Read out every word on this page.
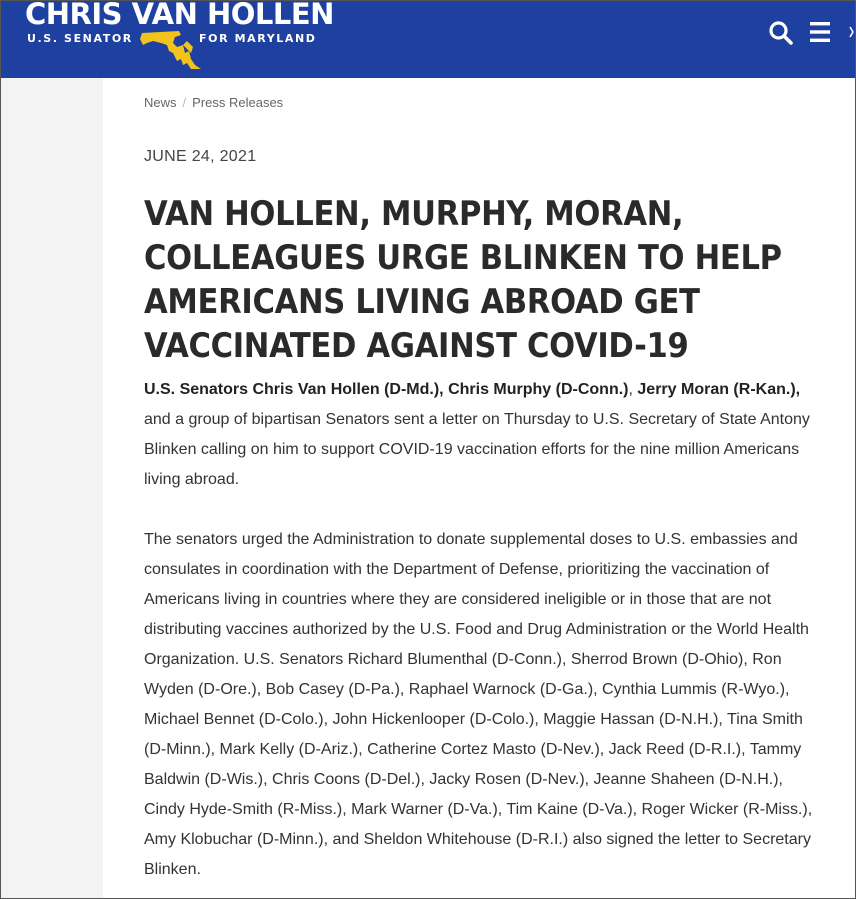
CHRIS VAN HOLLEN
U.S. SENATOR	FOR MARYLAND
News / Press Releases
JUNE 24, 2021
VAN HOLLEN, MURPHY, MORAN, COLLEAGUES URGE BLINKEN TO HELP AMERICANS LIVING ABROAD GET VACCINATED AGAINST COVID-19

U.S. Senators Chris Van Hollen (D-Md.), Chris Murphy (D-Conn.), Jerry Moran (R-Kan.), and a group of bipartisan Senators sent a letter on Thursday to U.S. Secretary of State Antony Blinken calling on him to support COVID-19 vaccination efforts for the nine million Americans living abroad.

The senators urged the Administration to donate supplemental doses to U.S. embassies and consulates in coordination with the Department of Defense, prioritizing the vaccination of Americans living in countries where they are considered ineligible or in those that are not distributing vaccines authorized by the U.S. Food and Drug Administration or the World Health Organization. U.S. Senators Richard Blumenthal (D-Conn.), Sherrod Brown (D-Ohio), Ron Wyden (D-Ore.), Bob Casey (D-Pa.), Raphael Warnock (D-Ga.), Cynthia Lummis (R-Wyo.), Michael Bennet (D-Colo.), John Hickenlooper (D-Colo.), Maggie Hassan (D-N.H.), Tina Smith (D-Minn.), Mark Kelly (D-Ariz.), Catherine Cortez Masto (D-Nev.), Jack Reed (D-R.I.), Tammy Baldwin (D-Wis.), Chris Coons (D-Del.), Jacky Rosen (D-Nev.), Jeanne Shaheen (D-N.H.), Cindy Hyde-Smith (R-Miss.), Mark Warner (D-Va.), Tim Kaine (D-Va.), Roger Wicker (R-Miss.), Amy Klobuchar (D-Minn.), and Sheldon Whitehouse (D-R.I.) also signed the letter to Secretary Blinken.
